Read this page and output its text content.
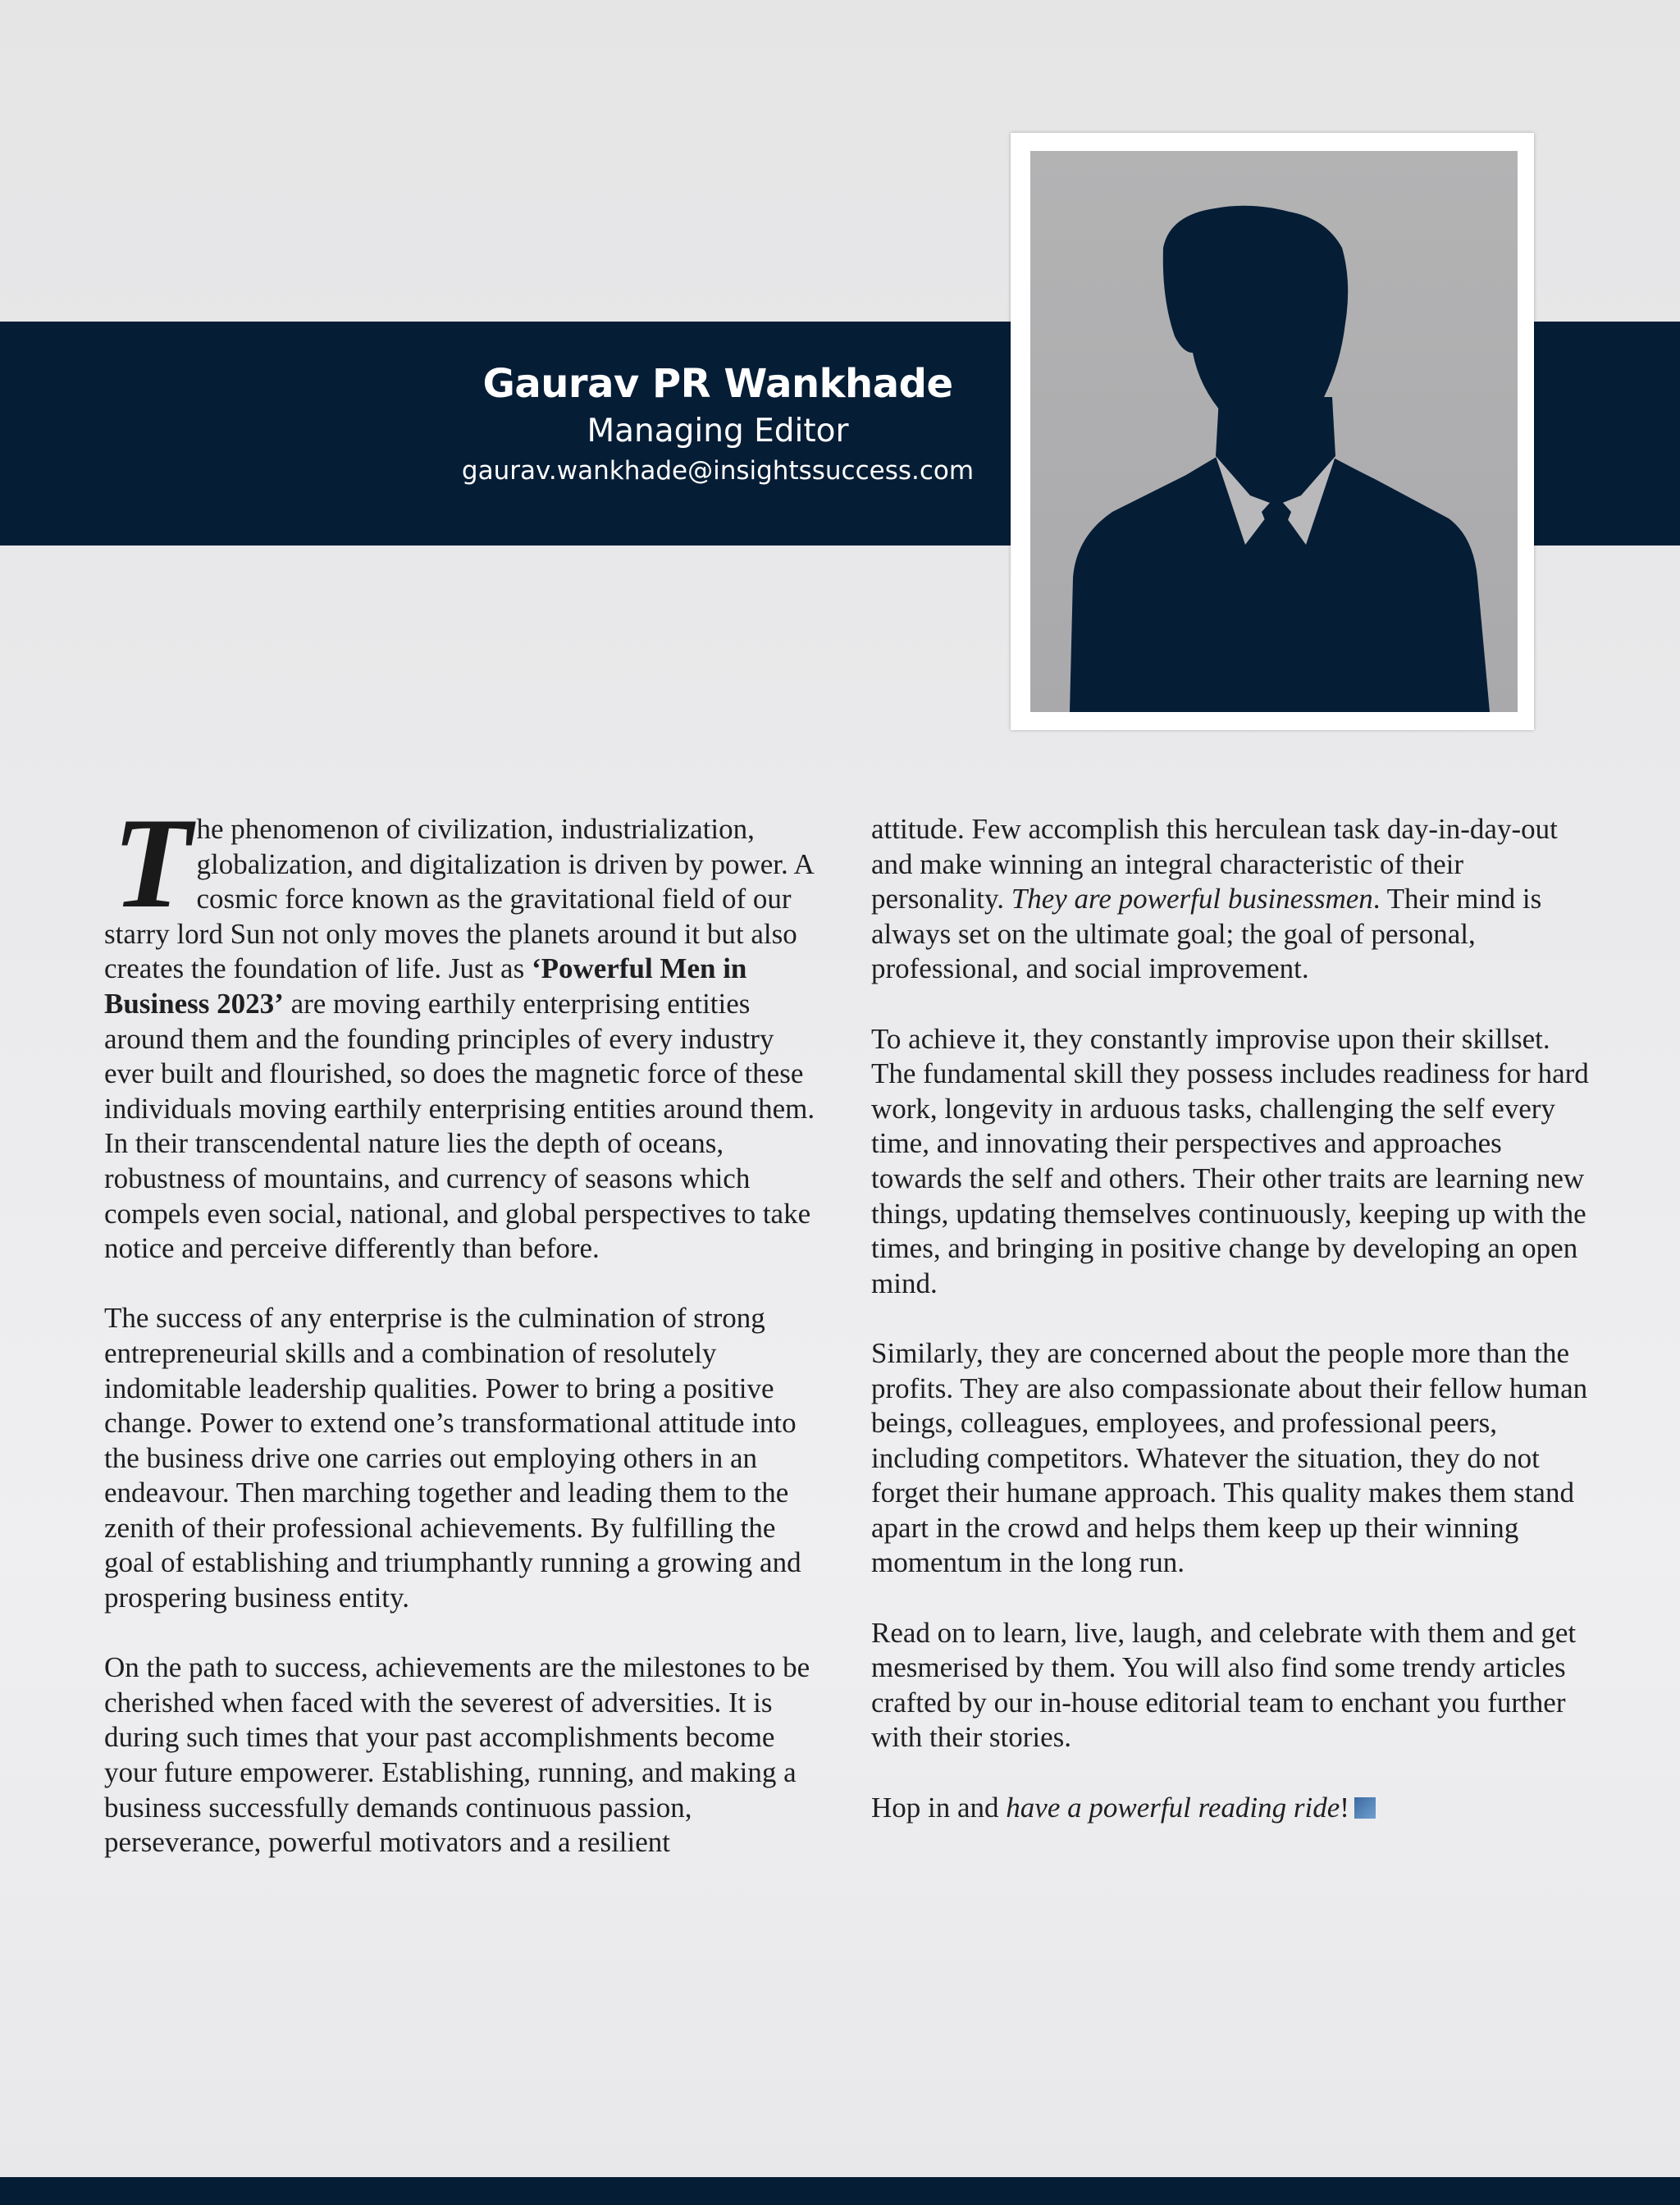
Gaurav PR Wankhade
Managing Editor
gaurav.wankhade@insightssuccess.com

The phenomenon of civilization, industrialization, globalization, and digitalization is driven by power. A cosmic force known as the gravitational field of our starry lord Sun not only moves the planets around it but also creates the foundation of life. Just as ‘Powerful Men in Business 2023’ are moving earthily enterprising entities around them and the founding principles of every industry ever built and flourished, so does the magnetic force of these individuals moving earthily enterprising entities around them. In their transcendental nature lies the depth of oceans, robustness of mountains, and currency of seasons which compels even social, national, and global perspectives to take notice and perceive differently than before.

The success of any enterprise is the culmination of strong entrepreneurial skills and a combination of resolutely indomitable leadership qualities. Power to bring a positive change. Power to extend one’s transformational attitude into the business drive one carries out employing others in an endeavour. Then marching together and leading them to the zenith of their professional achievements. By fulfilling the goal of establishing and triumphantly running a growing and prospering business entity.

On the path to success, achievements are the milestones to be cherished when faced with the severest of adversities. It is during such times that your past accomplishments become your future empowerer. Establishing, running, and making a business successfully demands continuous passion, perseverance, powerful motivators and a resilient

attitude. Few accomplish this herculean task day-in-day-out and make winning an integral characteristic of their personality. They are powerful businessmen. Their mind is always set on the ultimate goal; the goal of personal, professional, and social improvement.

To achieve it, they constantly improvise upon their skillset. The fundamental skill they possess includes readiness for hard work, longevity in arduous tasks, challenging the self every time, and innovating their perspectives and approaches towards the self and others. Their other traits are learning new things, updating themselves continuously, keeping up with the times, and bringing in positive change by developing an open mind.

Similarly, they are concerned about the people more than the profits. They are also compassionate about their fellow human beings, colleagues, employees, and professional peers, including competitors. Whatever the situation, they do not forget their humane approach. This quality makes them stand apart in the crowd and helps them keep up their winning momentum in the long run.

Read on to learn, live, laugh, and celebrate with them and get mesmerised by them. You will also find some trendy articles crafted by our in-house editorial team to enchant you further with their stories.

Hop in and have a powerful reading ride!
